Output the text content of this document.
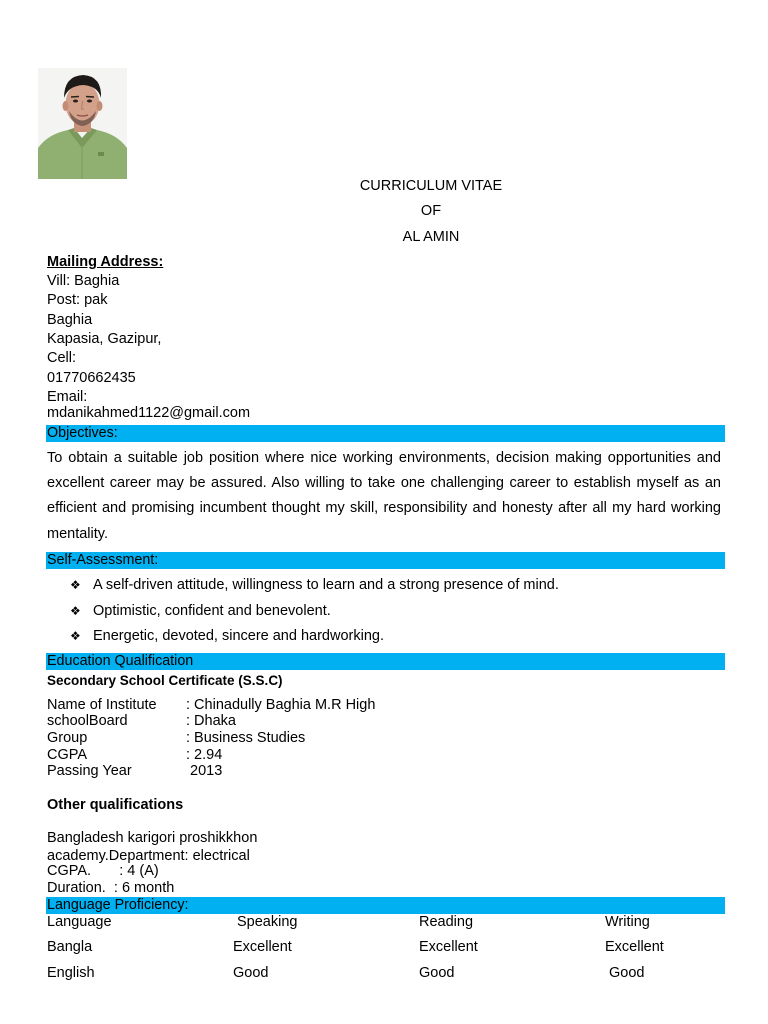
CURRICULUM VITAE
OF
AL AMIN
Mailing Address:
Vill: Baghia
Post: pak
Baghia
Kapasia, Gazipur,
Cell:
01770662435
Email:
mdanikahmed1122@gmail.com
Objectives:
To obtain a suitable job position where nice working environments, decision making opportunities and excellent career may be assured. Also willing to take one challenging career to establish myself as an efficient and promising incumbent thought my skill, responsibility and honesty after all my hard working mentality.
Self-Assessment:
❖ A self-driven attitude, willingness to learn and a strong presence of mind.
❖ Optimistic, confident and benevolent.
❖ Energetic, devoted, sincere and hardworking.
Education Qualification
Secondary School Certificate (S.S.C)
Name of Institute : Chinadully Baghia M.R High
schoolBoard	: Dhaka
Group	: Business Studies
CGPA	: 2.94
Passing Year	2013
Other qualifications
Bangladesh karigori proshikkhon
academy.Department: electrical
CGPA.       : 4 (A)
Duration.  : 6 month
Language Proficiency:
Language	Speaking	Reading	Writing
Bangla	Excellent	Excellent	Excellent
English	Good	Good	Good
